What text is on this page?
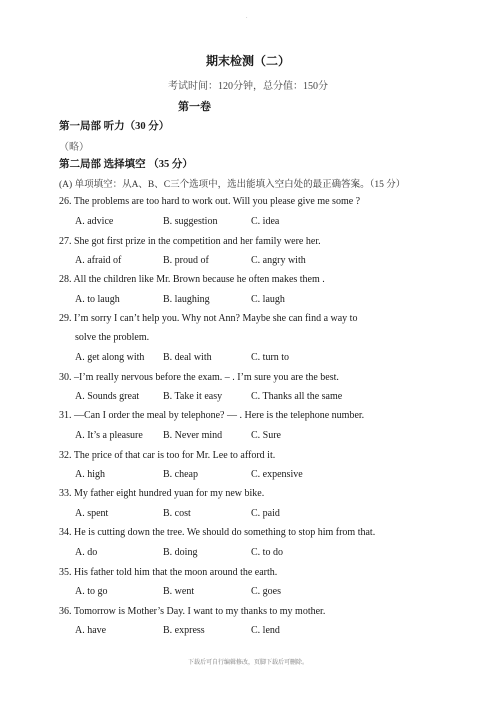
.
期末检测（二）
考试时间：120分钟，总分值：150分
第一卷
第一局部 听力（30 分）
（略）
第二局部 选择填空 （35 分）
(A) 单项填空：从A、B、C三个选项中，选出能填入空白处的最正确答案。（15 分）
26. The problems are too hard to work out. Will you please give me some ?
A. advice	B. suggestion	C. idea
27. She got first prize in the competition and her family were her.
A. afraid of	B. proud of	C. angry with
28. All the children like Mr. Brown because he often makes them .
A. to laugh	B. laughing	C. laugh
29. I’m sorry I can’t help you. Why not Ann? Maybe she can find a way to
solve the problem.
A. get along with B. deal with	C. turn to
30. –I’m really nervous before the exam. – . I’m sure you are the best.
A. Sounds great B. Take it easy	C. Thanks all the same
31. —Can I order the meal by telephone? — . Here is the telephone number.
A. It’s a pleasure B. Never mind	C. Sure
32. The price of that car is too for Mr. Lee to afford it.
A. high	B. cheap	C. expensive
33. My father eight hundred yuan for my new bike.
A. spent	B. cost	C. paid
34. He is cutting down the tree. We should do something to stop him from that.
A. do	B. doing	C. to do
35. His father told him that the moon around the earth.
A. to go	B. went	C. goes
36. Tomorrow is Mother’s Day. I want to my thanks to my mother.
A. have	B. express	C. lend
下载后可自行编辑修改，页脚下载后可删除。
